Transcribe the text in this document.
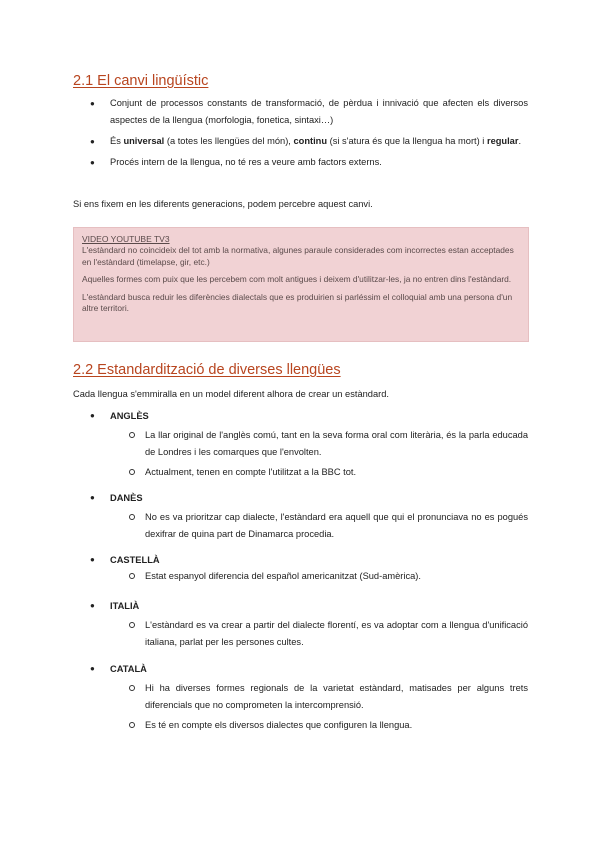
2.1 El canvi lingüístic
● Conjunt de processos constants de transformació, de pèrdua i innivació que afecten els diversos aspectes de la llengua (morfologia, fonetica, sintaxi…)
● És universal (a totes les llengües del món), continu (si s'atura és que la llengua ha mort) i regular.
● Procés intern de la llengua, no té res a veure amb factors externs.

Si ens fixem en les diferents generacions, podem percebre aquest canvi.

VIDEO YOUTUBE TV3

L'estàndard no coincideix del tot amb la normativa, algunes paraule considerades com incorrectes estan acceptades en l'estàndard (timelapse, gir, etc.)

Aquelles formes com puix que les percebem com molt antigues i deixem d'utilitzar-les, ja no entren dins l'estàndard.

L'estàndard busca reduir les diferències dialectals que es produirien si parléssim el colloquial amb una persona d'un altre territori.

2.2 Estandardització de diverses llengües

Cada llengua s'emmiralla en un model diferent alhora de crear un estàndard.

● ANGLÈS
La llar original de l'anglès comú, tant en la seva forma oral com literària, és la parla educada de Londres i les comarques que l'envolten.
Actualment, tenen en compte l'utilitzat a la BBC tot.
● DANÈS
No es va prioritzar cap dialecte, l'estàndard era aquell que qui el pronunciava no es pogués dexifrar de quina part de Dinamarca procedia.
● CASTELLÀ
Estat espanyol diferencia del español americanitzat (Sud-amèrica).
● ITALIÀ
L'estàndard es va crear a partir del dialecte florentí, es va adoptar com a llengua d'unificació italiana, parlat per les persones cultes.
● CATALÀ
Hi ha diverses formes regionals de la varietat estàndard, matisades per alguns trets diferencials que no comprometen la intercomprensió.
Es té en compte els diversos dialectes que configuren la llengua.
